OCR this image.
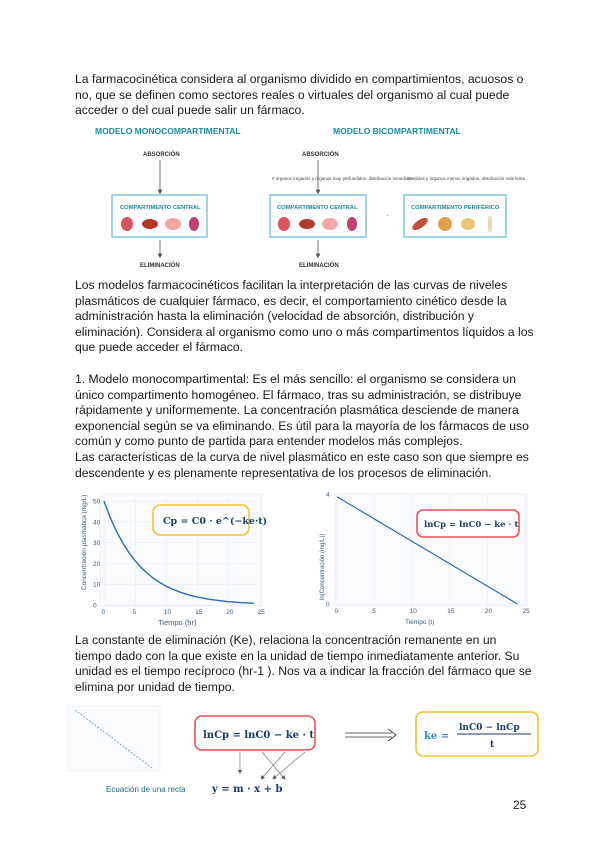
La farmacocinética considera al organismo dividido en compartimientos, acuosos o no, que se definen como sectores reales o virtuales del organismo al cual puede acceder o del cual puede salir un fármaco.

Los modelos farmacocinéticos facilitan la interpretación de las curvas de niveles plasmáticos de cualquier fármaco, es decir, el comportamiento cinético desde la administración hasta la eliminación (velocidad de absorción, distribución y eliminación). Considera al organismo como uno o más compartimentos líquidos a los que puede acceder el fármaco.

1. Modelo monocompartimental: Es el más sencillo: el organismo se considera un único compartimento homogéneo. El fármaco, tras su administración, se distribuye rápidamente y uniformemente. La concentración plasmática desciende de manera exponencial según se va eliminando. Es útil para la mayoría de los fármacos de uso común y como punto de partida para entender modelos más complejos.

Las características de la curva de nivel plasmático en este caso son que siempre es descendente y es plenamente representativa de los procesos de eliminación.

La constante de eliminación (Ke), relaciona la concentración remanente en un tiempo dado con la que existe en la unidad de tiempo inmediatamente anterior. Su unidad es el tiempo recíproco (hr-1 ). Nos va a indicar la fracción del fármaco que se elimina por unidad de tiempo.

25
MODELO MONOCOMPARTIMENTAL	MODELO BICOMPARTIMENTAL
ABSORCIÓN	ABSORCIÓN
# órganos irrigados y órganos muy perfundidos, distribución inmediata
# tejidos y órganos menos irrigados, distribución más lenta
COMPARTIMENTO CENTRAL	COMPARTIMENTO CENTRAL
·
COMPARTIMENTO PERIFÉRICO
ELIMINACIÓN	ELIMINACIÓN
0	5	10	15	20	25
0
10
20
30
40
50
Tiempo (hr)
Concentración plasmática (mg/L)	Cp = C0 · e^(−ke·t)
0	5	10	15	20	25
4
0
Tiempo (t)
ln(Concentración (mg/L))
lnCp = lnC0 − ke · t
Ecuación de una recta
lnCp = lnC0 − ke · t	ke =
lnC0 − lnCp
t
y = m · x + b
